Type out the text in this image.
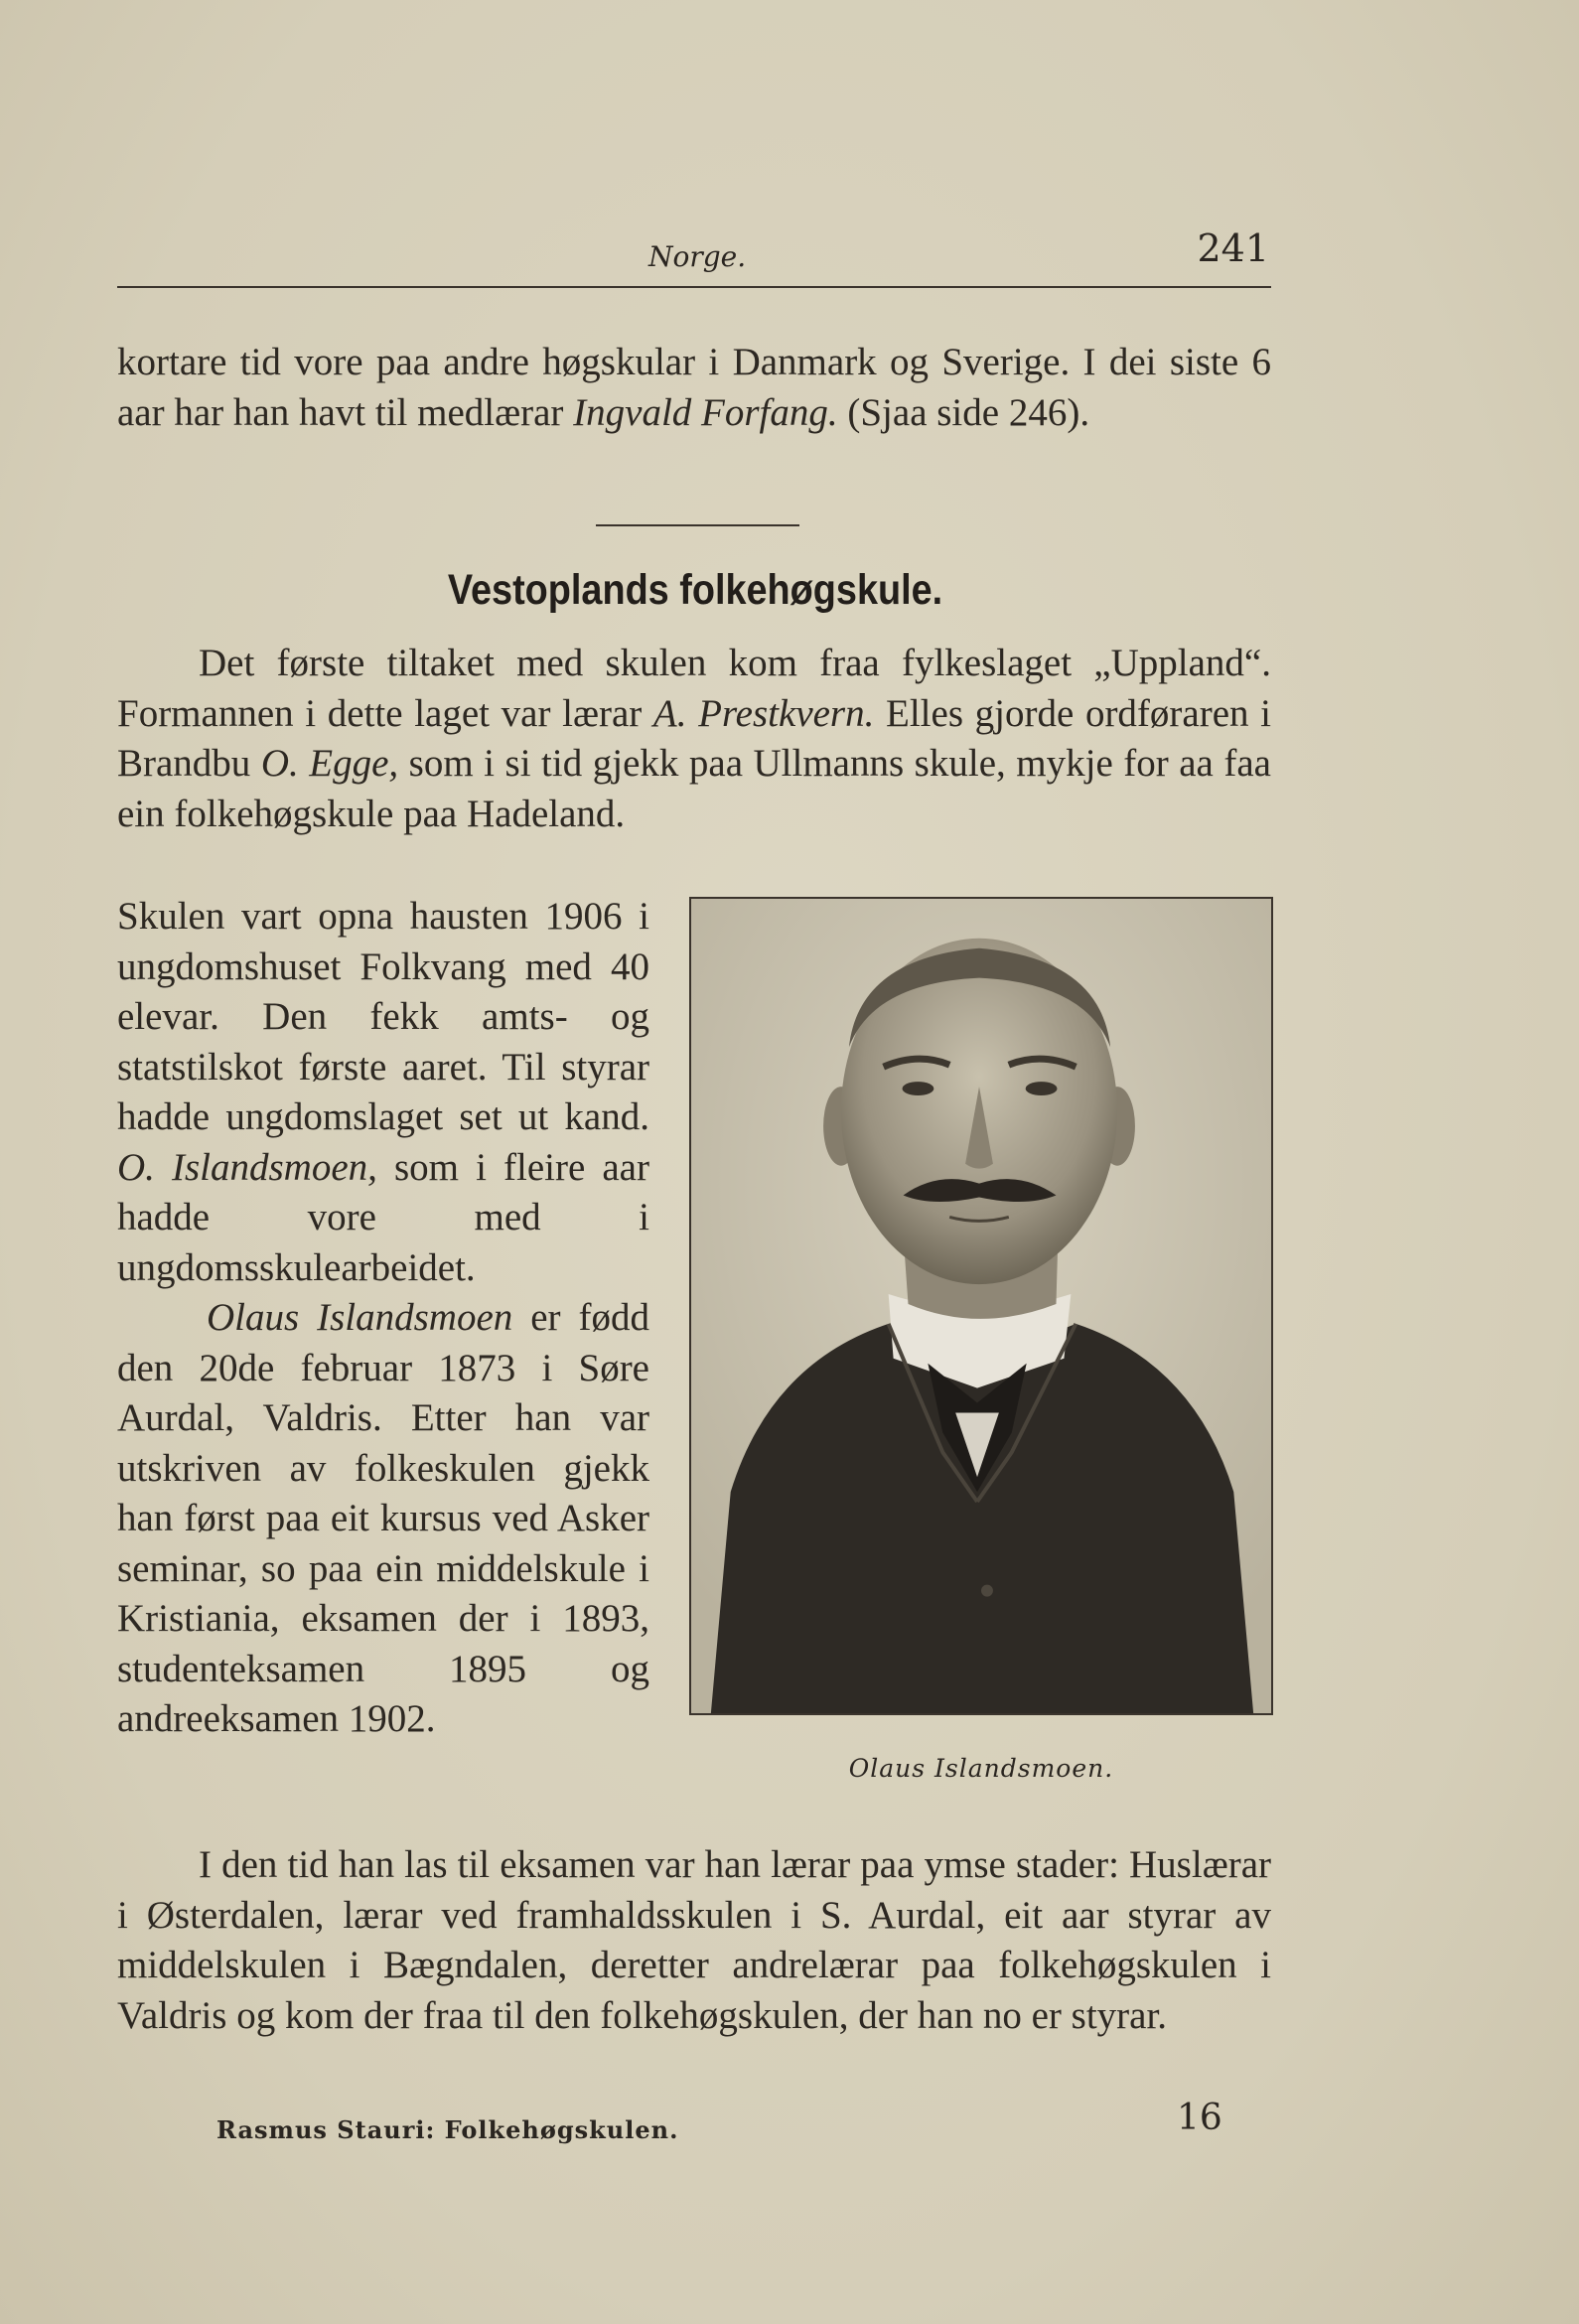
Norge.	241

kortare tid vore paa andre høgskular i Danmark og Sverige. I dei siste 6 aar har han havt til medlærar Ingvald Forfang. (Sjaa side 246).

Vestoplands folkehøgskule.

Det første tiltaket med skulen kom fraa fylkeslaget „Uppland“. Formannen i dette laget var lærar A. Prestkvern. Elles gjorde ordføraren i Brandbu O. Egge, som i si tid gjekk paa Ullmanns skule, mykje for aa faa ein folkehøgskule paa Hadeland.

Skulen vart opna hausten 1906 i ungdomshuset Folkvang med 40 elevar. Den fekk amts- og statstilskot første aaret. Til styrar hadde ungdomslaget set ut kand. O. Islandsmoen, som i fleire aar hadde vore med i ungdomsskulearbeidet.

Olaus Islandsmoen er fødd den 20de februar 1873 i Søre Aurdal, Valdris. Etter han var utskriven av folkeskulen gjekk han først paa eit kursus ved Asker seminar, so paa ein middelskule i Kristiania, eksamen der i 1893, studenteksamen 1895 og andreeksamen 1902.

Olaus Islandsmoen.

I den tid han las til eksamen var han lærar paa ymse stader: Huslærar i Østerdalen, lærar ved framhaldsskulen i S. Aurdal, eit aar styrar av middelskulen i Bægndalen, deretter andrelærar paa folkehøgskulen i Valdris og kom der fraa til den folkehøgskulen, der han no er styrar.

Rasmus Stauri: Folkehøgskulen.	16
